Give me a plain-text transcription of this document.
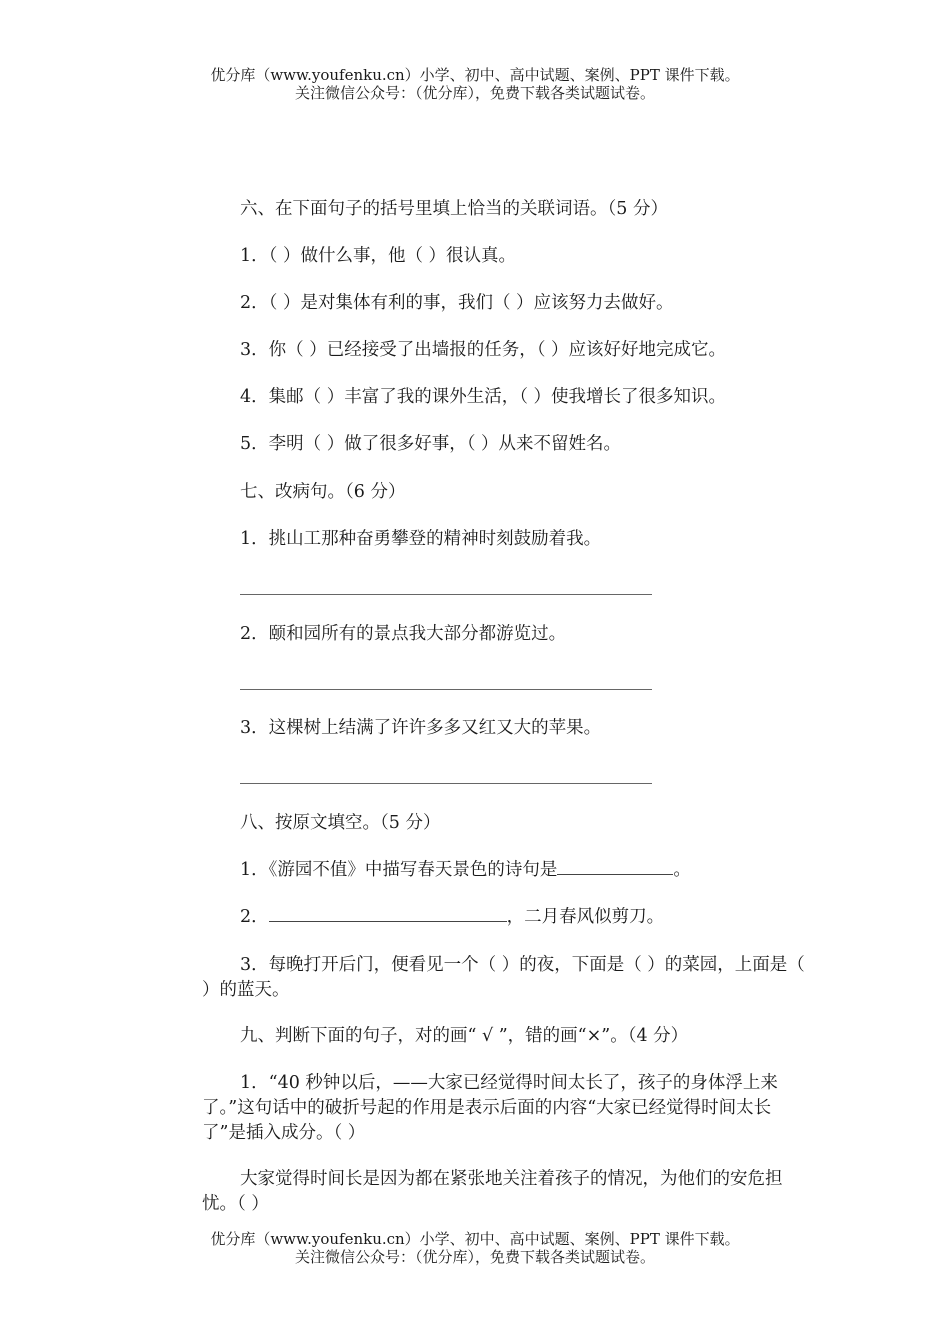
优分库（www.youfenku.cn）小学、初中、高中试题、案例、PPT 课件下载。
关注微信公众号：（优分库），免费下载各类试题试卷。
六、在下面句子的括号里填上恰当的关联词语。（5 分）
1．（ ）做什么事，他（ ）很认真。
2．（ ）是对集体有利的事，我们（ ）应该努力去做好。
3．你（ ）已经接受了出墙报的任务，（ ）应该好好地完成它。
4．集邮（ ）丰富了我的课外生活，（ ）使我增长了很多知识。
5．李明（ ）做了很多好事，（ ）从来不留姓名。
七、改病句。（6 分）
1．挑山工那种奋勇攀登的精神时刻鼓励着我。
2．颐和园所有的景点我大部分都游览过。
3．这棵树上结满了许许多多又红又大的苹果。
八、按原文填空。（5 分）
1．《游园不值》中描写春天景色的诗句是	。
2．	，二月春风似剪刀。
3．每晚打开后门，便看见一个（ ）的夜，下面是（ ）的菜园，上面是（ ）的蓝天。
九、判断下面的句子，对的画“ √ ”，错的画“×”。（4 分）
1．“40 秒钟以后，——大家已经觉得时间太长了，孩子的身体浮上来了。”这句话中的破折号起的作用是表示后面的内容“大家已经觉得时间太长了”是插入成分。（ ）
大家觉得时间长是因为都在紧张地关注着孩子的情况，为他们的安危担忧。（ ）
优分库（www.youfenku.cn）小学、初中、高中试题、案例、PPT 课件下载。
关注微信公众号：（优分库），免费下载各类试题试卷。
